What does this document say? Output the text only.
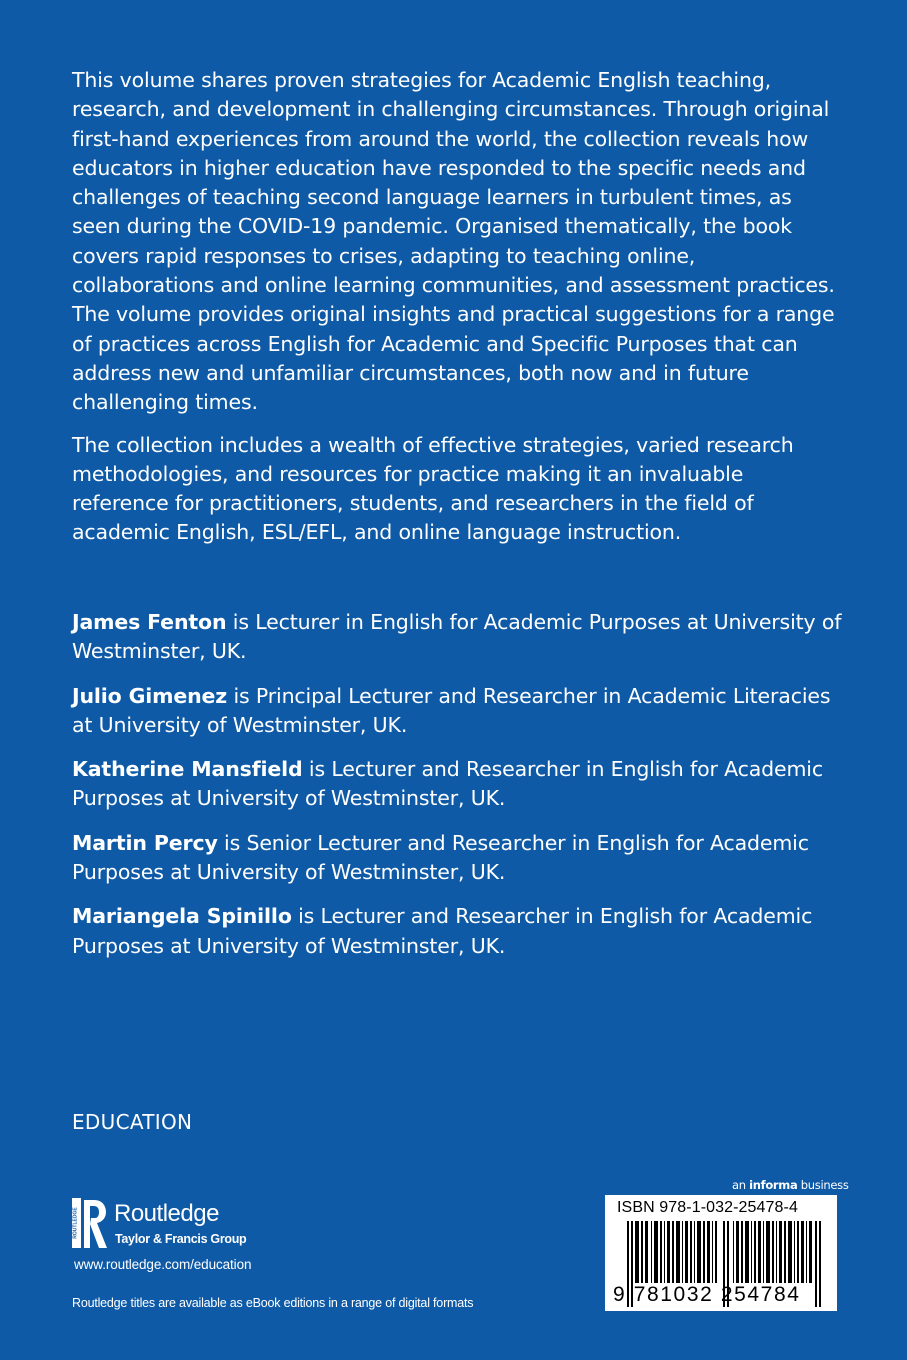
This volume shares proven strategies for Academic English teaching, research, and development in challenging circumstances. Through original first-hand experiences from around the world, the collection reveals how educators in higher education have responded to the specific needs and challenges of teaching second language learners in turbulent times, as seen during the COVID-19 pandemic. Organised thematically, the book covers rapid responses to crises, adapting to teaching online, collaborations and online learning communities, and assessment practices. The volume provides original insights and practical suggestions for a range of practices across English for Academic and Specific Purposes that can address new and unfamiliar circumstances, both now and in future challenging times.

The collection includes a wealth of effective strategies, varied research methodologies, and resources for practice making it an invaluable reference for practitioners, students, and researchers in the field of academic English, ESL/EFL, and online language instruction.

James Fenton is Lecturer in English for Academic Purposes at University of Westminster, UK.

Julio Gimenez is Principal Lecturer and Researcher in Academic Literacies at University of Westminster, UK.

Katherine Mansfield is Lecturer and Researcher in English for Academic Purposes at University of Westminster, UK.

Martin Percy is Senior Lecturer and Researcher in English for Academic Purposes at University of Westminster, UK.

Mariangela Spinillo is Lecturer and Researcher in English for Academic Purposes at University of Westminster, UK.

EDUCATION
an informa business
ROUTLEDGE Routledge
Taylor & Francis Group
www.routledge.com/education
Routledge titles are available as eBook editions in a range of digital formats
ISBN 978-1-032-25478-4
9 781032 254784
